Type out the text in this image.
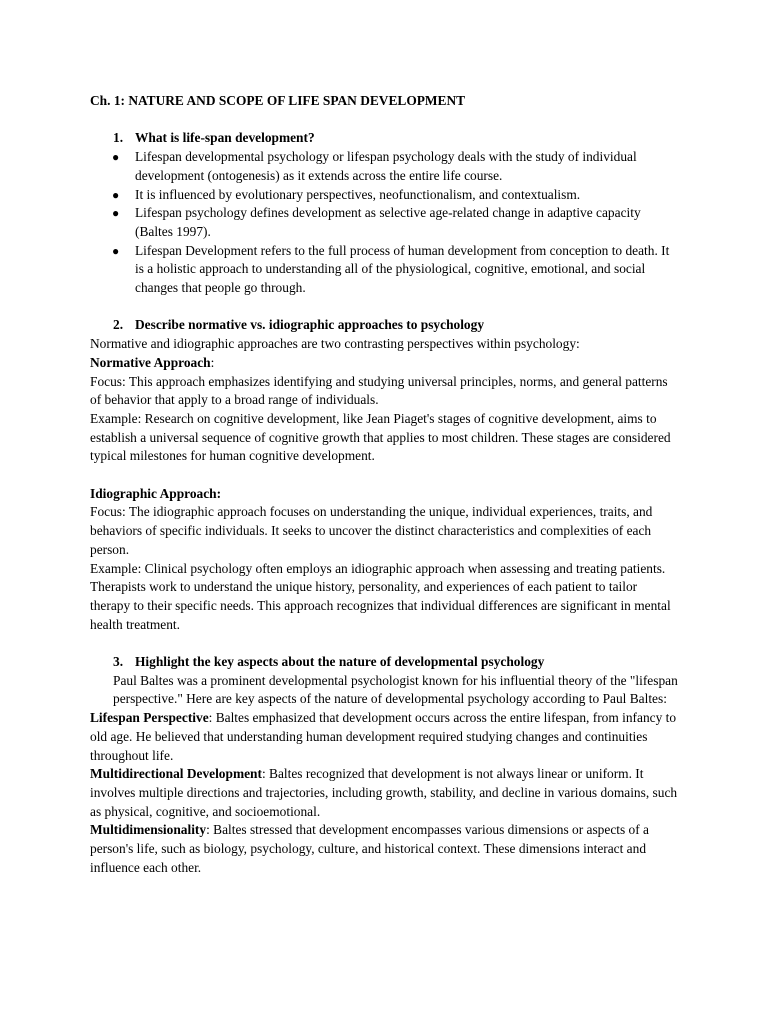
Ch. 1: NATURE AND SCOPE OF LIFE SPAN DEVELOPMENT

1. What is life-span development?

● Lifespan developmental psychology or lifespan psychology deals with the study of individual development (ontogenesis) as it extends across the entire life course.
● It is influenced by evolutionary perspectives, neofunctionalism, and contextualism.
● Lifespan psychology defines development as selective age-related change in adaptive capacity (Baltes 1997).
● Lifespan Development refers to the full process of human development from conception to death. It is a holistic approach to understanding all of the physiological, cognitive, emotional, and social changes that people go through.

2. Describe normative vs. idiographic approaches to psychology

Normative and idiographic approaches are two contrasting perspectives within psychology:

Normative Approach:

Focus: This approach emphasizes identifying and studying universal principles, norms, and general patterns of behavior that apply to a broad range of individuals.

Example: Research on cognitive development, like Jean Piaget's stages of cognitive development, aims to establish a universal sequence of cognitive growth that applies to most children. These stages are considered typical milestones for human cognitive development.

Idiographic Approach:

Focus: The idiographic approach focuses on understanding the unique, individual experiences, traits, and behaviors of specific individuals. It seeks to uncover the distinct characteristics and complexities of each person.

Example: Clinical psychology often employs an idiographic approach when assessing and treating patients. Therapists work to understand the unique history, personality, and experiences of each patient to tailor therapy to their specific needs. This approach recognizes that individual differences are significant in mental health treatment.

3. Highlight the key aspects about the nature of developmental psychology

Paul Baltes was a prominent developmental psychologist known for his influential theory of the "lifespan perspective." Here are key aspects of the nature of developmental psychology according to Paul Baltes:

Lifespan Perspective: Baltes emphasized that development occurs across the entire lifespan, from infancy to old age. He believed that understanding human development required studying changes and continuities throughout life.

Multidirectional Development: Baltes recognized that development is not always linear or uniform. It involves multiple directions and trajectories, including growth, stability, and decline in various domains, such as physical, cognitive, and socioemotional.

Multidimensionality: Baltes stressed that development encompasses various dimensions or aspects of a person's life, such as biology, psychology, culture, and historical context. These dimensions interact and influence each other.
